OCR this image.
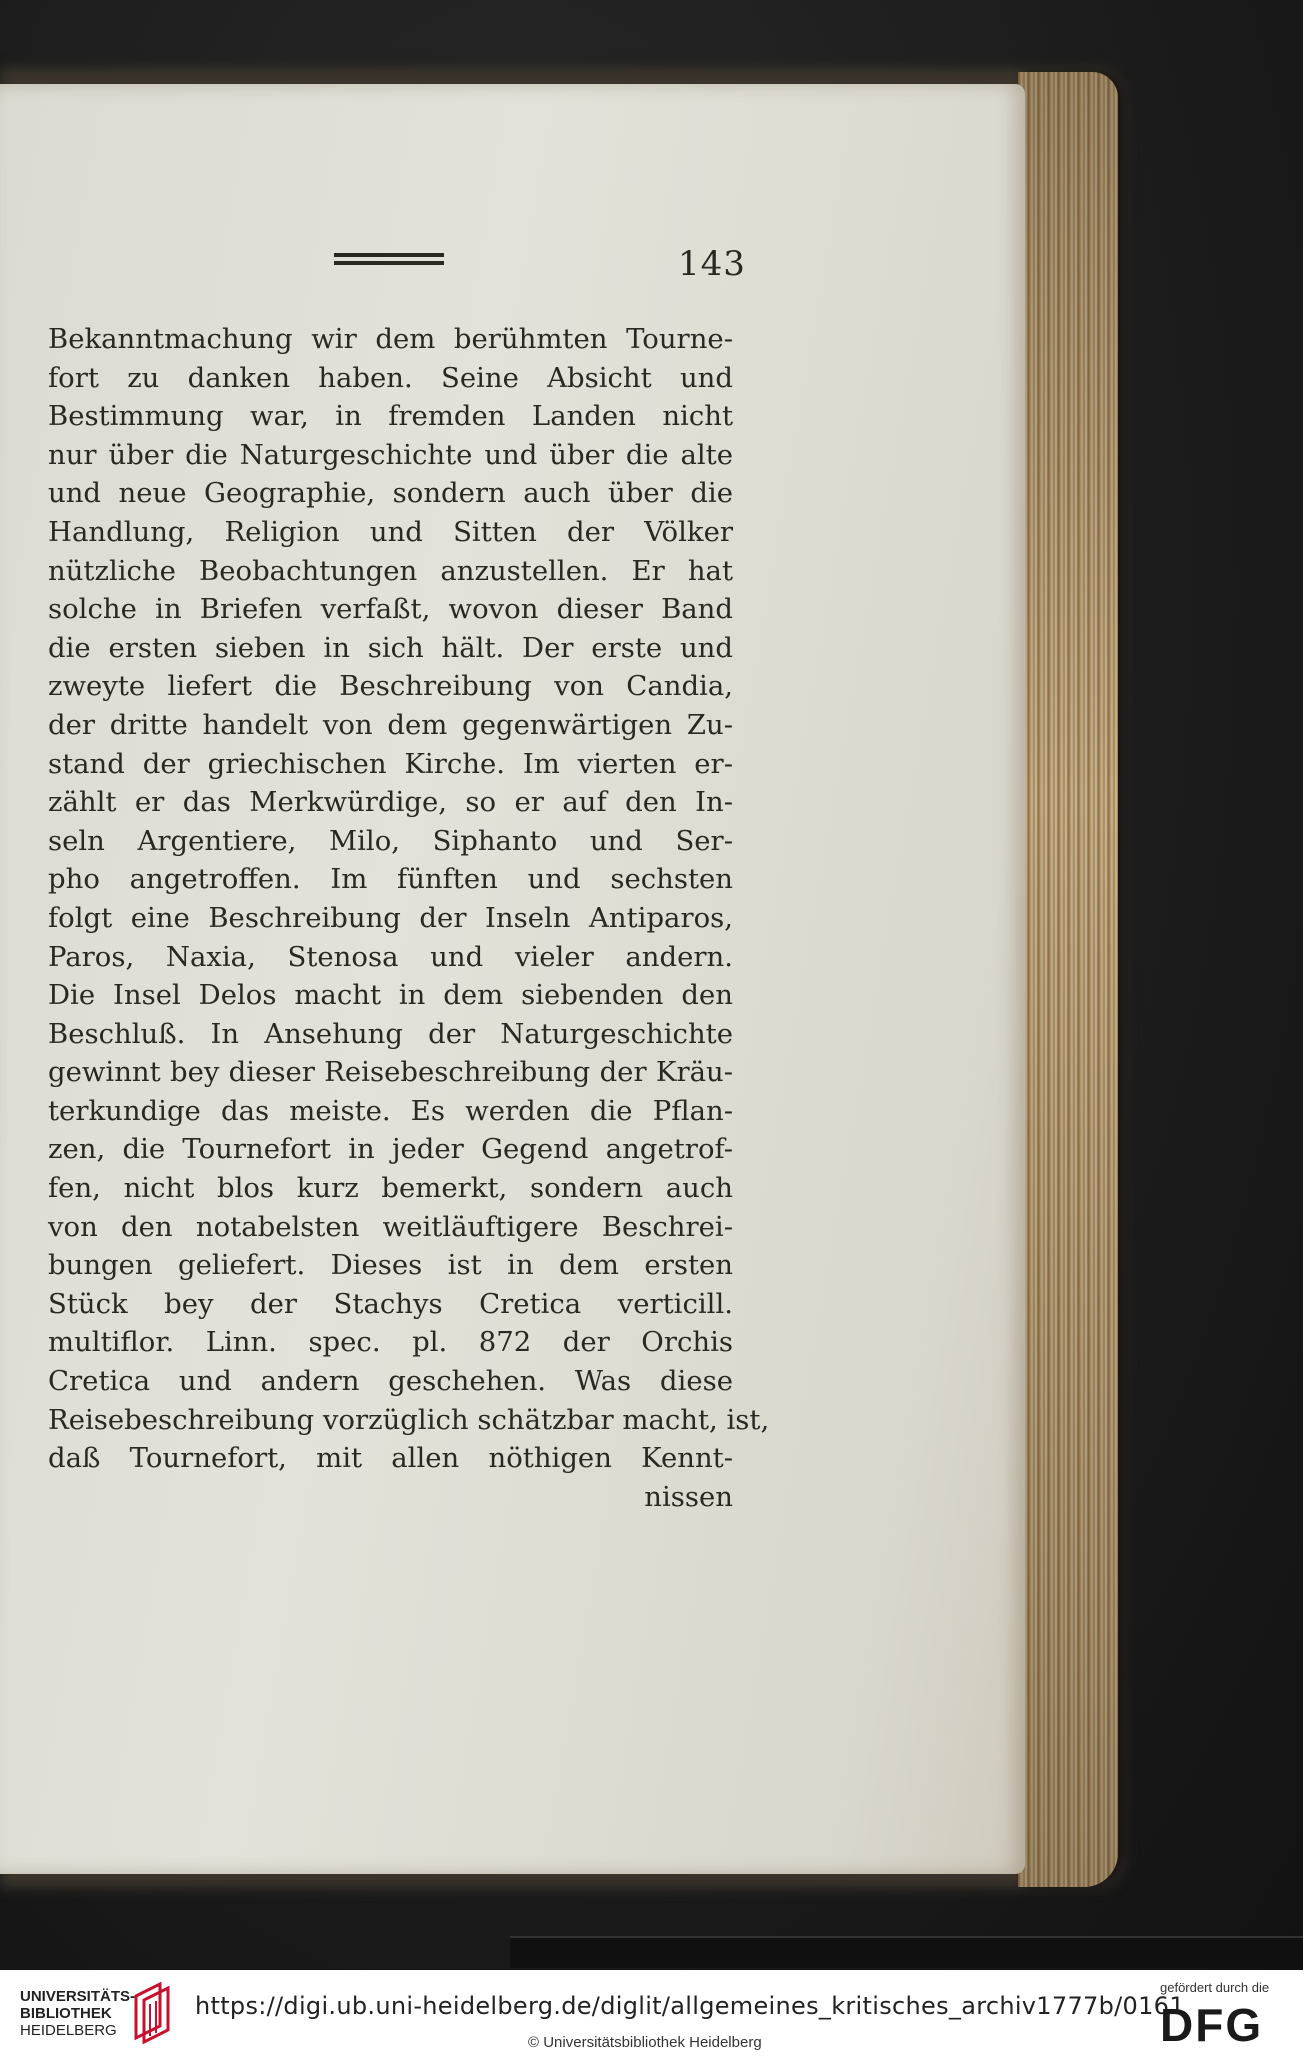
143
Bekanntmachung wir dem berühmten Tourne-
fort zu danken haben. Seine Absicht und
Bestimmung war, in fremden Landen nicht
nur über die Naturgeschichte und über die alte
und neue Geographie, sondern auch über die
Handlung, Religion und Sitten der Völker
nützliche Beobachtungen anzustellen. Er hat
solche in Briefen verfaßt, wovon dieser Band
die ersten sieben in sich hält. Der erste und
zweyte liefert die Beschreibung von Candia,
der dritte handelt von dem gegenwärtigen Zu-
stand der griechischen Kirche. Im vierten er-
zählt er das Merkwürdige, so er auf den In-
seln Argentiere, Milo, Siphanto und Ser-
pho angetroffen. Im fünften und sechsten
folgt eine Beschreibung der Inseln Antiparos,
Paros, Naxia, Stenosa und vieler andern.
Die Insel Delos macht in dem siebenden den
Beschluß. In Ansehung der Naturgeschichte
gewinnt bey dieser Reisebeschreibung der Kräu-
terkundige das meiste. Es werden die Pflan-
zen, die Tournefort in jeder Gegend angetrof-
fen, nicht blos kurz bemerkt, sondern auch
von den notabelsten weitläuftigere Beschrei-
bungen geliefert. Dieses ist in dem ersten
Stück bey der Stachys Cretica verticill.
multiflor. Linn. spec. pl. 872 der Orchis
Cretica und andern geschehen. Was diese
Reisebeschreibung vorzüglich schätzbar macht, ist,
daß Tournefort, mit allen nöthigen Kennt-
nissen
UNIVERSITÄTS-
BIBLIOTHEK
HEIDELBERG
https://digi.ub.uni-heidelberg.de/diglit/allgemeines_kritisches_archiv1777b/0161
© Universitätsbibliothek Heidelberg
gefördert durch die
DFG
